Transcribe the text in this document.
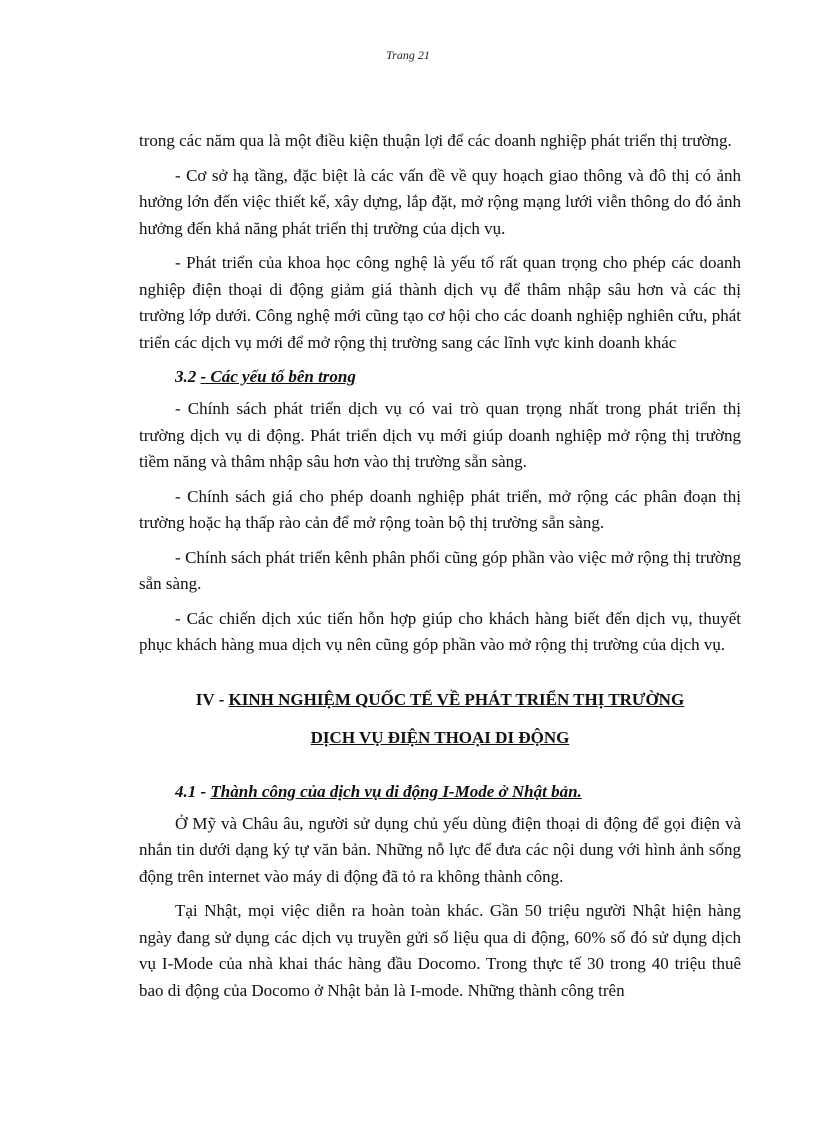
Trang 21

trong các năm qua là một điều kiện thuận lợi để các doanh nghiệp phát triển thị trường.

- Cơ sở hạ tầng, đặc biệt là các vấn đề về quy hoạch giao thông và đô thị có ảnh hưởng lớn đến việc thiết kế, xây dựng, lắp đặt, mở rộng mạng lưới viễn thông do đó ảnh hưởng đến khả năng phát triển thị trường của dịch vụ.

- Phát triển của khoa học công nghệ là yếu tố rất quan trọng cho phép các doanh nghiệp điện thoại di động giảm giá thành dịch vụ để thâm nhập sâu hơn và các thị trường lớp dưới. Công nghệ mới cũng tạo cơ hội cho các doanh nghiệp nghiên cứu, phát triển các dịch vụ mới để mở rộng thị trường sang các lĩnh vực kinh doanh khác

3.2 - Các yếu tố bên trong

- Chính sách phát triển dịch vụ có vai trò quan trọng nhất trong phát triển thị trường dịch vụ di động. Phát triển dịch vụ mới giúp doanh nghiệp mở rộng thị trường tiềm năng và thâm nhập sâu hơn vào thị trường sẵn sàng.

- Chính sách giá cho phép doanh nghiệp phát triển, mở rộng các phân đoạn thị trường hoặc hạ thấp rào cản để mở rộng toàn bộ thị trường sẵn sàng.

- Chính sách phát triển kênh phân phối cũng góp phần vào việc mở rộng thị trường sẵn sàng.

- Các chiến dịch xúc tiến hỗn hợp giúp cho khách hàng biết đến dịch vụ, thuyết phục khách hàng mua dịch vụ nên cũng góp phần vào mở rộng thị trường của dịch vụ.

IV - KINH NGHIỆM QUỐC TẾ VỀ PHÁT TRIỂN THỊ TRƯỜNG
DỊCH VỤ ĐIỆN THOẠI DI ĐỘNG
4.1 - Thành công của dịch vụ di động I-Mode ở Nhật bản.

Ở Mỹ và Châu âu, người sử dụng chủ yếu dùng điện thoại di động để gọi điện và nhắn tin dưới dạng ký tự văn bản. Những nỗ lực để đưa các nội dung với hình ảnh sống động trên internet vào máy di động đã tỏ ra không thành công.

Tại Nhật, mọi việc diễn ra hoàn toàn khác. Gần 50 triệu người Nhật hiện hàng ngày đang sử dụng các dịch vụ truyền gửi số liệu qua di động, 60% số đó sử dụng dịch vụ I-Mode của nhà khai thác hàng đầu Docomo. Trong thực tế 30 trong 40 triệu thuê bao di động của Docomo ở Nhật bản là I-mode. Những thành công trên
